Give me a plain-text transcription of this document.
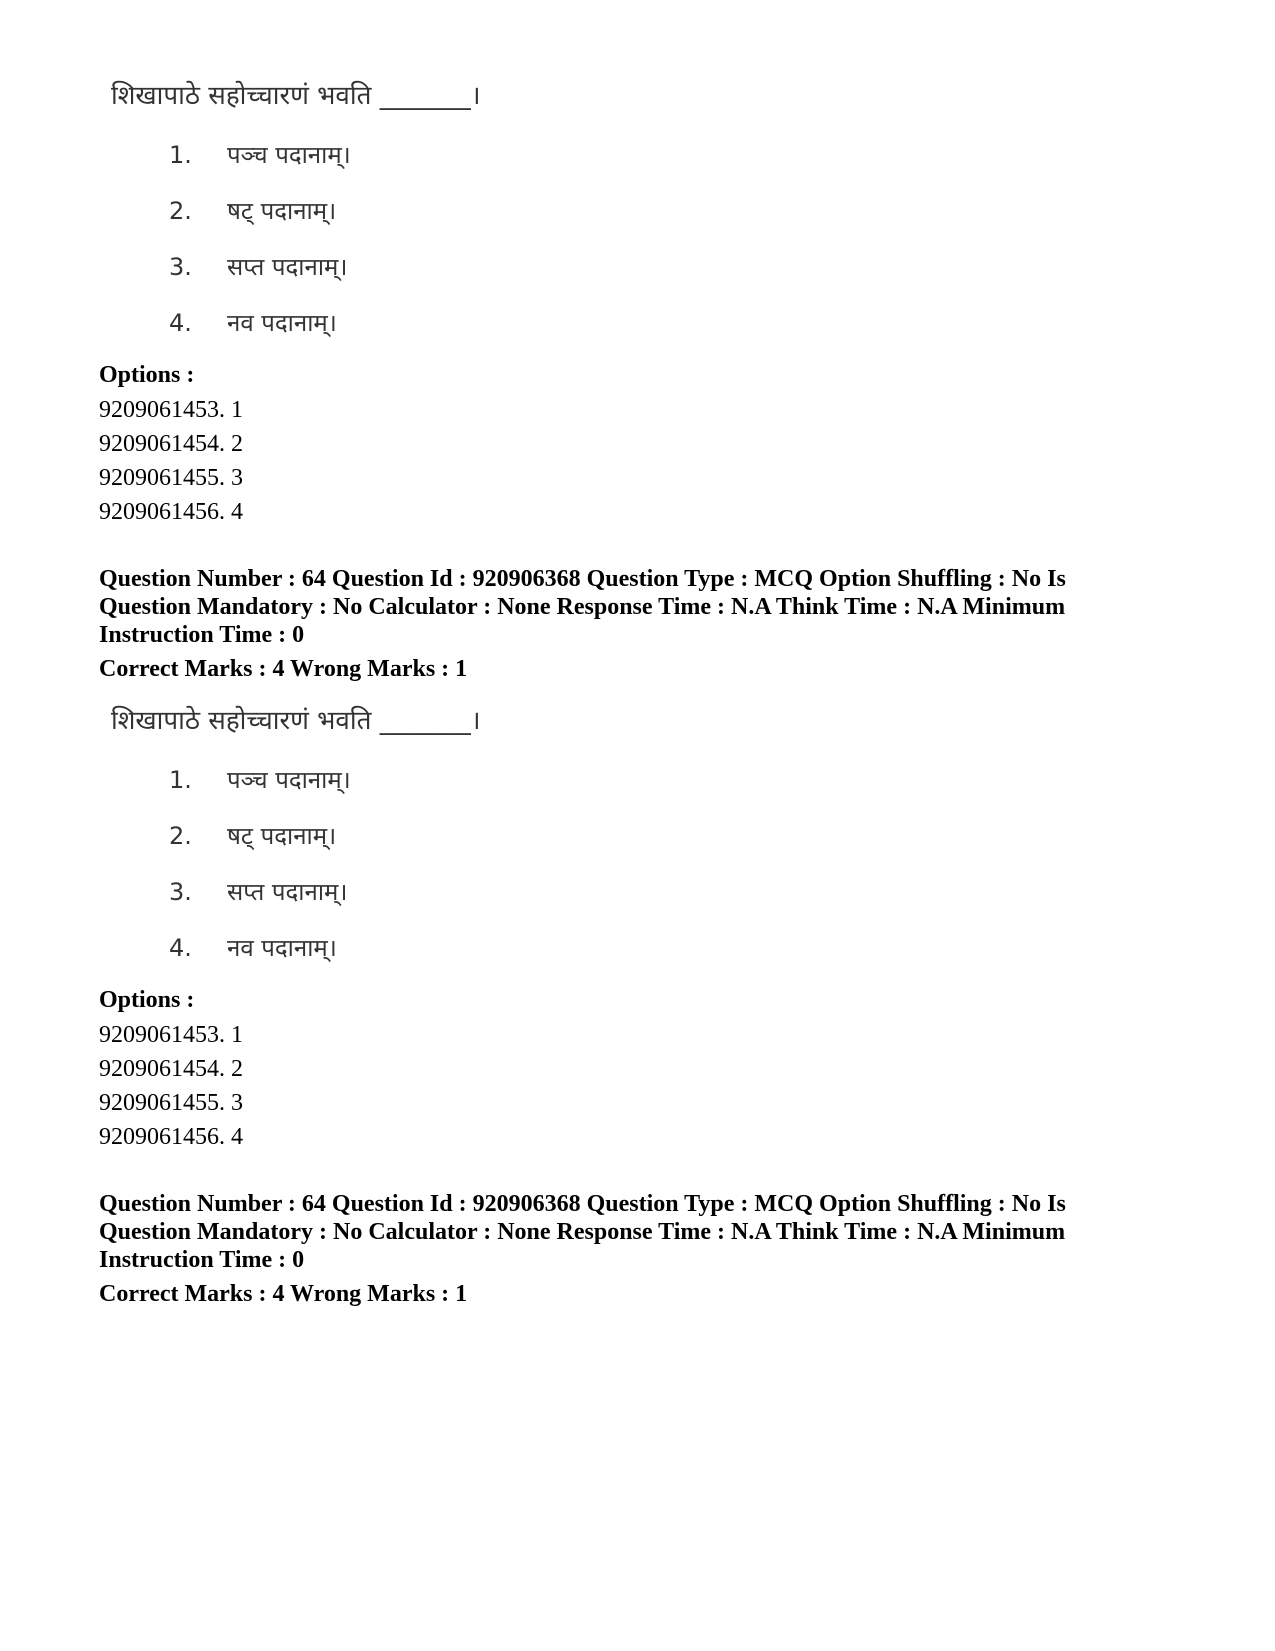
शिखापाठे सहोच्चारणं भवति _______।
1. पञ्च पदानाम्।
2. षट् पदानाम्।
3. सप्त पदानाम्।
4. नव पदानाम्।
Options :
9209061453. 1
9209061454. 2
9209061455. 3
9209061456. 4
Question Number : 64 Question Id : 920906368 Question Type : MCQ Option Shuffling : No Is
Question Mandatory : No Calculator : None Response Time : N.A Think Time : N.A Minimum
Instruction Time : 0
Correct Marks : 4 Wrong Marks : 1
शिखापाठे सहोच्चारणं भवति _______।
1. पञ्च पदानाम्।
2. षट् पदानाम्।
3. सप्त पदानाम्।
4. नव पदानाम्।
Options :
9209061453. 1
9209061454. 2
9209061455. 3
9209061456. 4
Question Number : 64 Question Id : 920906368 Question Type : MCQ Option Shuffling : No Is
Question Mandatory : No Calculator : None Response Time : N.A Think Time : N.A Minimum
Instruction Time : 0
Correct Marks : 4 Wrong Marks : 1
